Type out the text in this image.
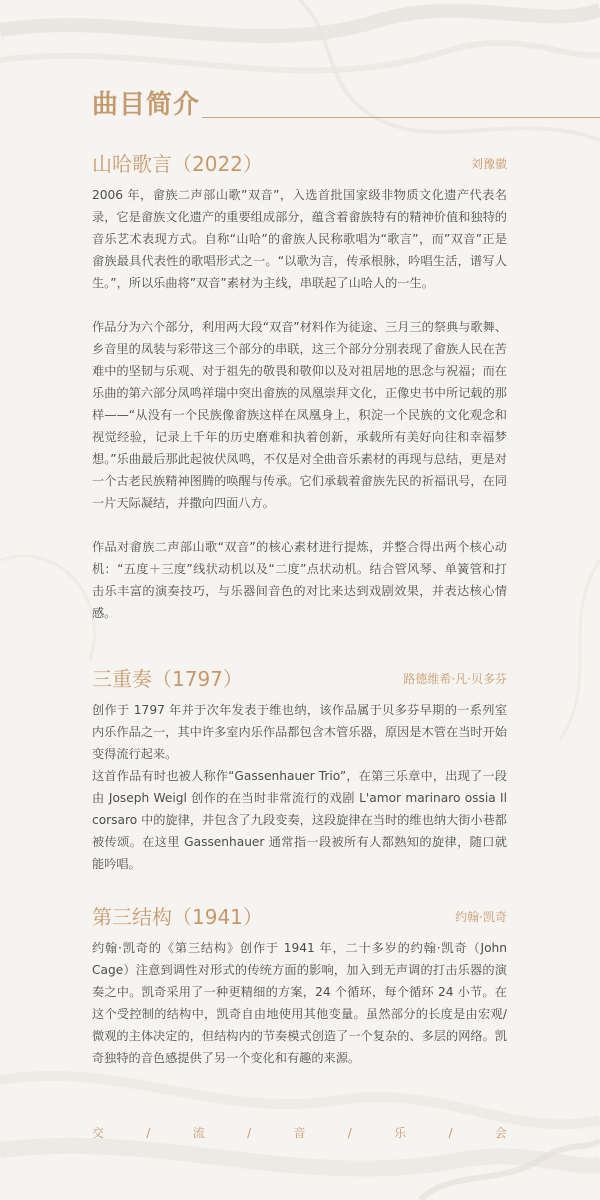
曲目简介
山哈歌言（2022）	刘豫徽

2006 年，畲族二声部山歌”双音”，入选首批国家级非物质文化遗产代表名录，它是畲族文化遗产的重要组成部分，蕴含着畲族特有的精神价值和独特的音乐艺术表现方式。自称“山哈”的畲族人民称歌唱为“歌言”，而”双音”正是畲族最具代表性的歌唱形式之一。“以歌为言，传承根脉，吟唱生活，谱写人生。”，所以乐曲将”双音”素材为主线，串联起了山哈人的一生。

作品分为六个部分，利用两大段“双音”材料作为徒途、三月三的祭典与歌舞、乡音里的凤装与彩带这三个部分的串联，这三个部分分别表现了畲族人民在苦难中的坚韧与乐观、对于祖先的敬畏和敬仰以及对祖居地的思念与祝福；而在乐曲的第六部分凤鸣祥瑞中突出畲族的凤凰崇拜文化，正像史书中所记载的那样——“从没有一个民族像畲族这样在凤凰身上，积淀一个民族的文化观念和视觉经验，记录上千年的历史磨难和执着创新，承载所有美好向往和幸福梦想。”乐曲最后那此起彼伏凤鸣，不仅是对全曲音乐素材的再现与总结，更是对一个古老民族精神图腾的唤醒与传承。它们承载着畲族先民的祈福讯号，在同一片天际凝结，并撒向四面八方。

作品对畲族二声部山歌“双音”的核心素材进行提炼，并整合得出两个核心动机：“五度＋三度”线状动机以及“二度”点状动机。结合管风琴、单簧管和打击乐丰富的演奏技巧，与乐器间音色的对比来达到戏剧效果，并表达核心情感。

三重奏（1797）	路德维希·凡·贝多芬

创作于 1797 年并于次年发表于维也纳，该作品属于贝多芬早期的一系列室内乐作品之一，其中许多室内乐作品都包含木管乐器，原因是木管在当时开始变得流行起来。

这首作品有时也被人称作“Gassenhauer Trio”，在第三乐章中，出现了一段由 Joseph Weigl 创作的在当时非常流行的戏剧 L'amor marinaro ossia Il corsaro 中的旋律，并包含了九段变奏，这段旋律在当时的维也纳大街小巷都被传颂。在这里 Gassenhauer 通常指一段被所有人都熟知的旋律，随口就能吟唱。

第三结构（1941）	约翰·凯奇

约翰·凯奇的《第三结构》创作于 1941 年，二十多岁的约翰·凯奇（John Cage）注意到调性对形式的传统方面的影响，加入到无声调的打击乐器的演奏之中。凯奇采用了一种更精细的方案，24 个循环，每个循环 24 小节。在这个受控制的结构中，凯奇自由地使用其他变量。虽然部分的长度是由宏观/微观的主体决定的，但结构内的节奏模式创造了一个复杂的、多层的网络。凯奇独特的音色感提供了另一个变化和有趣的来源。

交	/	流	/	音	/	乐	/	会
